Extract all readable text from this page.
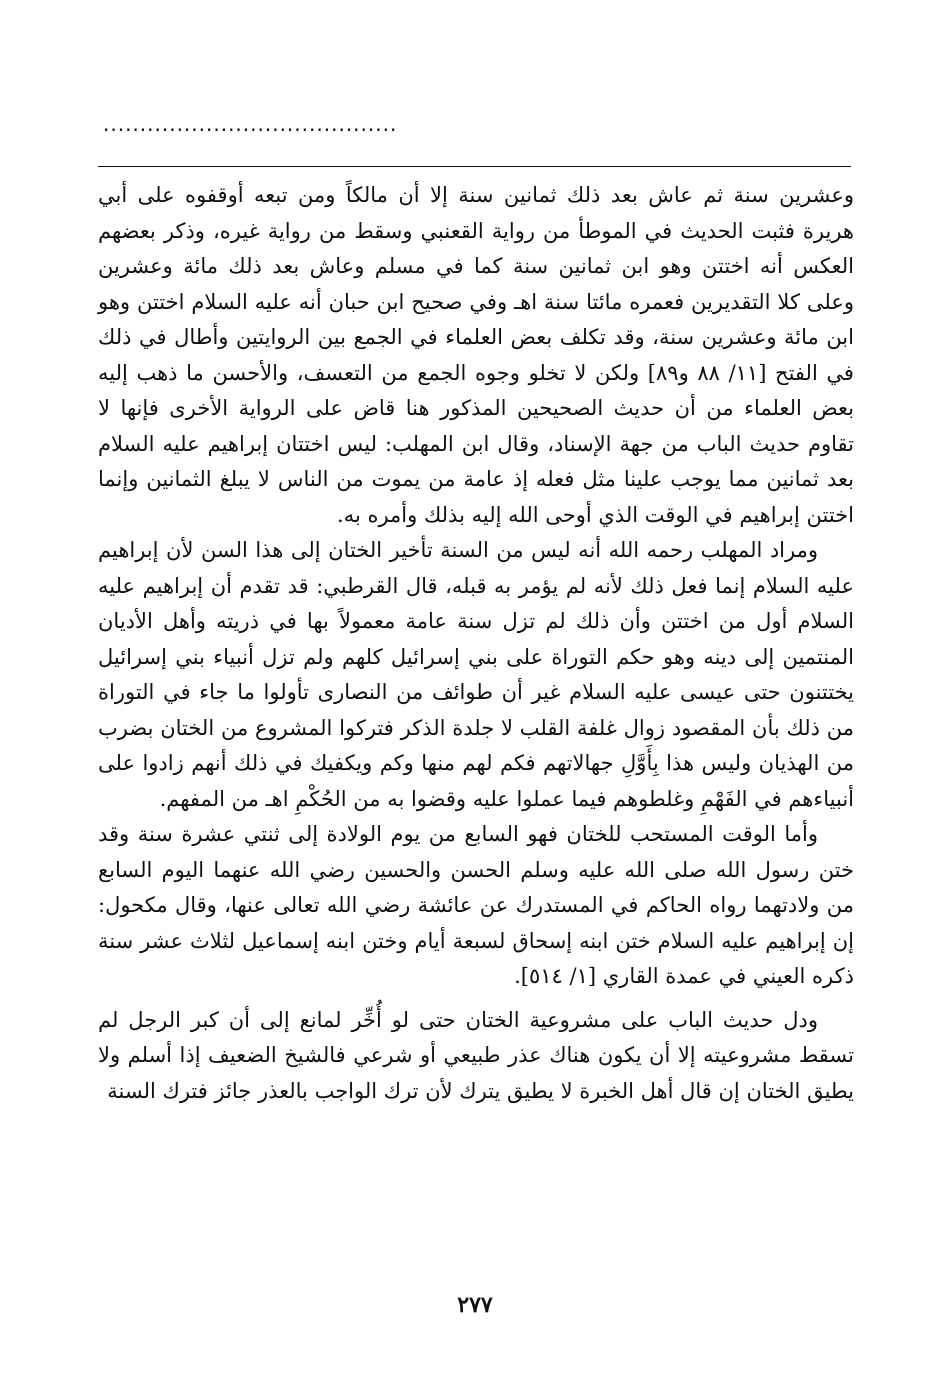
........................................

وعشرين سنة ثم عاش بعد ذلك ثمانين سنة إلا أن مالكاً ومن تبعه أوقفوه على أبي هريرة فثبت الحديث في الموطأ من رواية القعنبي وسقط من رواية غيره، وذكر بعضهم العكس أنه اختتن وهو ابن ثمانين سنة كما في مسلم وعاش بعد ذلك مائة وعشرين وعلى كلا التقديرين فعمره مائتا سنة اهـ وفي صحيح ابن حبان أنه عليه السلام اختتن وهو ابن مائة وعشرين سنة، وقد تكلف بعض العلماء في الجمع بين الروايتين وأطال في ذلك في الفتح [١١/ ٨٨ و٨٩] ولكن لا تخلو وجوه الجمع من التعسف، والأحسن ما ذهب إليه بعض العلماء من أن حديث الصحيحين المذكور هنا قاض على الرواية الأخرى فإنها لا تقاوم حديث الباب من جهة الإسناد، وقال ابن المهلب: ليس اختتان إبراهيم عليه السلام بعد ثمانين مما يوجب علينا مثل فعله إذ عامة من يموت من الناس لا يبلغ الثمانين وإنما اختتن إبراهيم في الوقت الذي أوحى الله إليه بذلك وأمره به.

ومراد المهلب رحمه الله أنه ليس من السنة تأخير الختان إلى هذا السن لأن إبراهيم عليه السلام إنما فعل ذلك لأنه لم يؤمر به قبله، قال القرطبي: قد تقدم أن إبراهيم عليه السلام أول من اختتن وأن ذلك لم تزل سنة عامة معمولاً بها في ذريته وأهل الأديان المنتمين إلى دينه وهو حكم التوراة على بني إسرائيل كلهم ولم تزل أنبياء بني إسرائيل يختتنون حتى عيسى عليه السلام غير أن طوائف من النصارى تأولوا ما جاء في التوراة من ذلك بأن المقصود زوال غلفة القلب لا جلدة الذكر فتركوا المشروع من الختان بضرب من الهذيان وليس هذا بِأَوَّلِ جهالاتهم فكم لهم منها وكم ويكفيك في ذلك أنهم زادوا على أنبياءهم في الفَهْمِ وغلطوهم فيما عملوا عليه وقضوا به من الحُكْمِ اهـ من المفهم.

وأما الوقت المستحب للختان فهو السابع من يوم الولادة إلى ثنتي عشرة سنة وقد ختن رسول الله صلى الله عليه وسلم الحسن والحسين رضي الله عنهما اليوم السابع من ولادتهما رواه الحاكم في المستدرك عن عائشة رضي الله تعالى عنها، وقال مكحول: إن إبراهيم عليه السلام ختن ابنه إسحاق لسبعة أيام وختن ابنه إسماعيل لثلاث عشر سنة ذكره العيني في عمدة القاري [١/ ٥١٤].

ودل حديث الباب على مشروعية الختان حتى لو أُخِّر لمانع إلى أن كبر الرجل لم تسقط مشروعيته إلا أن يكون هناك عذر طبيعي أو شرعي فالشيخ الضعيف إذا أسلم ولا يطيق الختان إن قال أهل الخبرة لا يطيق يترك لأن ترك الواجب بالعذر جائز فترك السنة

٢٧٧
